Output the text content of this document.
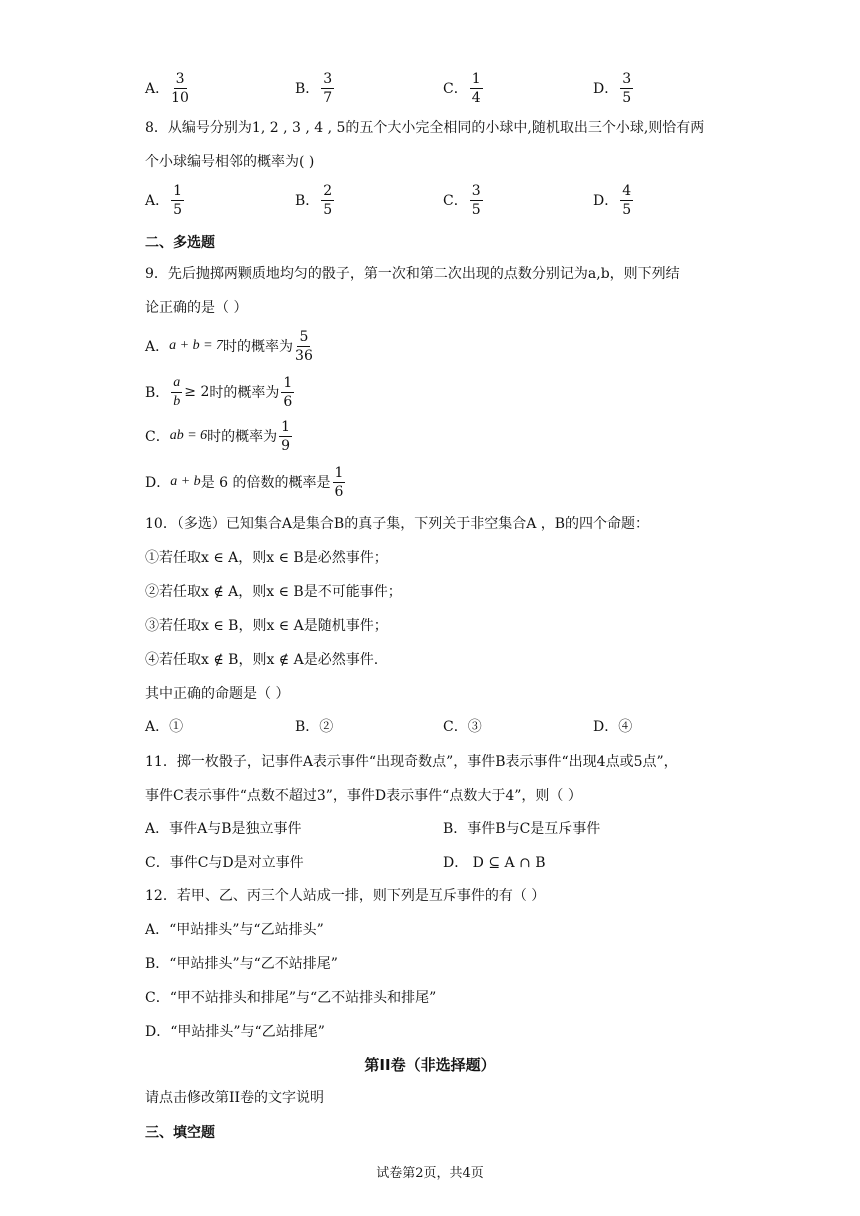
A． $\frac{3}{10}$	B． $\frac{3}{7}$	C． $\frac{1}{4}$	D． $\frac{3}{5}$
8．从编号分别为1, 2 , 3 , 4 , 5的五个大小完全相同的小球中,随机取出三个小球,则恰有两
个小球编号相邻的概率为( )
A． $\frac{1}{5}$	B． $\frac{2}{5}$	C． $\frac{3}{5}$	D． $\frac{4}{5}$
二、多选题
9．先后抛掷两颗质地均匀的骰子，第一次和第二次出现的点数分别记为a,b，则下列结
论正确的是（ ）
A． a + b = 7 时的概率为 $\frac{5}{36}$
B． $\frac{a}{b} \ge 2$ 时的概率为 $\frac{1}{6}$
C． ab = 6 时的概率为 $\frac{1}{9}$
D． a + b 是 6 的倍数的概率是 $\frac{1}{6}$
10．（多选）已知集合A是集合B的真子集，下列关于非空集合A ，B的四个命题：
①若任取x ∈ A，则x ∈ B是必然事件；
②若任取x ∉ A，则x ∈ B是不可能事件；
③若任取x ∈ B，则x ∈ A是随机事件；
④若任取x ∉ B，则x ∉ A是必然事件.
其中正确的命题是（ ）
A．①	B．②	C．③	D．④
11．掷一枚骰子，记事件A表示事件“出现奇数点”，事件B表示事件“出现4点或5点”，
事件C表示事件“点数不超过3”，事件D表示事件“点数大于4”，则（ ）
A．事件A与B是独立事件	B．事件B与C是互斥事件
C．事件C与D是对立事件	D． D ⊆ A ∩ B
12．若甲、乙、丙三个人站成一排，则下列是互斥事件的有（ ）
A．“甲站排头”与“乙站排头”
B．“甲站排头”与“乙不站排尾”
C．“甲不站排头和排尾”与“乙不站排头和排尾”
D．“甲站排头”与“乙站排尾”
第II卷（非选择题）
请点击修改第II卷的文字说明
三、填空题
试卷第2页，共4页
